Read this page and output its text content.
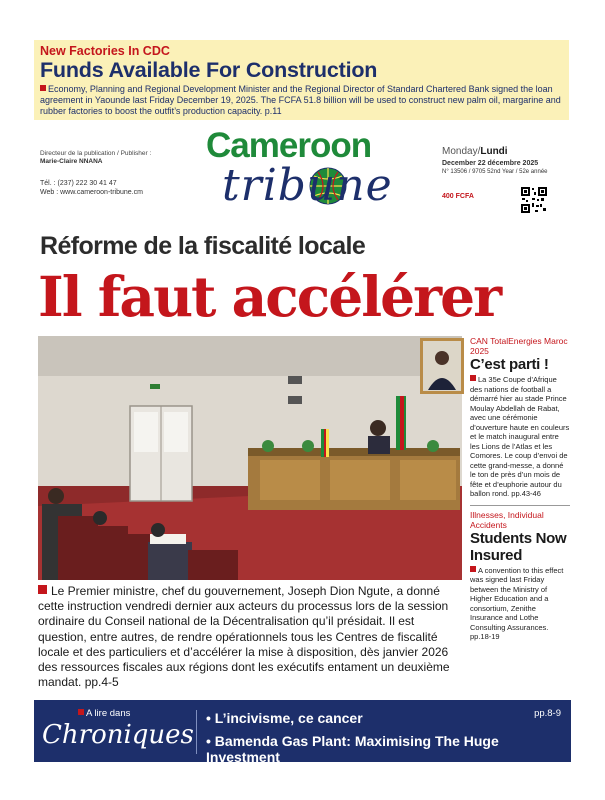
New Factories In CDC
Funds Available For Construction
Economy, Planning and Regional Development Minister and the Regional Director of Standard Chartered Bank signed the loan agreement in Yaounde last Friday December 19, 2025. The FCFA 51.8 billion will be used to construct new palm oil, margarine and rubber factories to boost the outfit’s production capacity. p.11
Directeur de la publication / Publisher :
Marie-Claire NNANA
Tél. : (237) 222 30 41 47
Web : www.cameroon-tribune.cm
Cameroon
tribune
Monday/Lundi
December 22 décembre 2025
N° 13506 / 9705 52nd Year / 52e année
400 FCFA
Réforme de la fiscalité locale
Il faut accélérer
CAN TotalEnergies Maroc 2025
C’est parti !
La 35e Coupe d’Afrique des nations de football a démarré hier au stade Prince Moulay Abdellah de Rabat, avec une cérémonie d’ouverture haute en couleurs et le match inaugural entre les Lions de l’Atlas et les Comores. Le coup d’envoi de cette grand-messe, a donné le ton de près d’un mois de fête et d’euphorie autour du ballon rond. pp.43-46
Illnesses, Individual Accidents
Students Now Insured
A convention to this effect was signed last Friday between the Ministry of Higher Education and a consortium, Zenithe Insurance and Lothe Consulting Assurances. pp.18-19
Le Premier ministre, chef du gouvernement, Joseph Dion Ngute, a donné cette instruction vendredi dernier aux acteurs du processus lors de la session ordinaire du Conseil national de la Décentralisation qu’il présidait. Il est question, entre autres, de rendre opérationnels tous les Centres de fiscalité locale et des particuliers et d’accélérer la mise à disposition, dès janvier 2026 des ressources fiscales aux régions dont les exécutifs entament un deuxième mandat. pp.4-5
A lire dans
Chroniques
• L’incivisme, ce cancer
• Bamenda Gas Plant: Maximising The Huge Investment
pp.8-9
